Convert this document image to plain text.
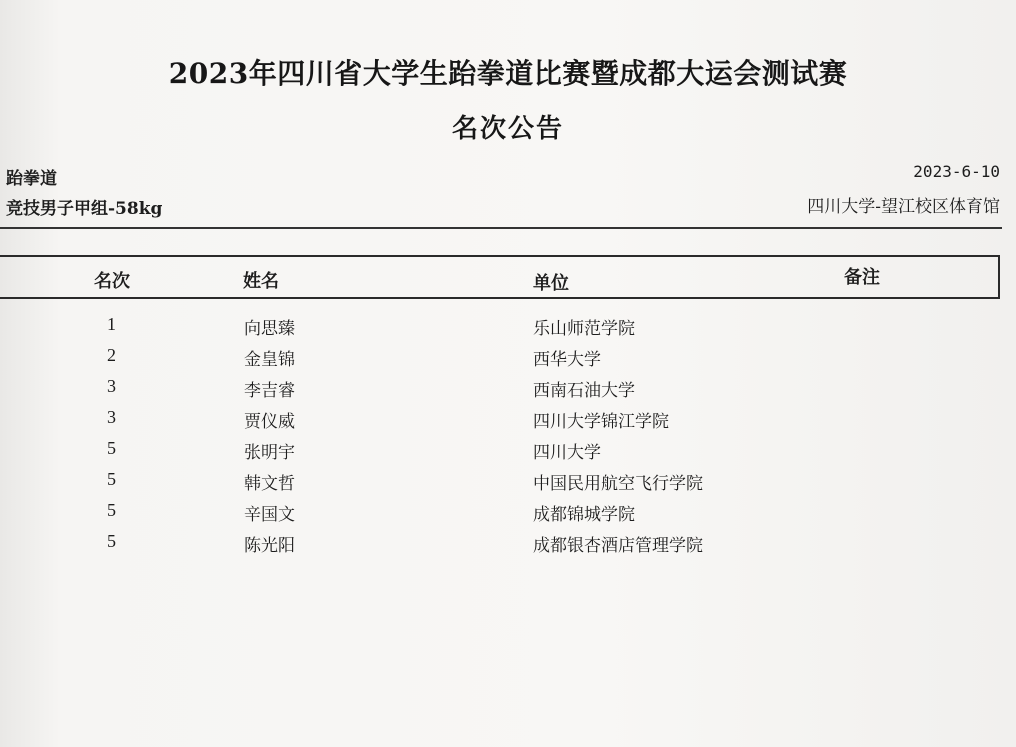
2023年四川省大学生跆拳道比赛暨成都大运会测试赛
名次公告
跆拳道
竞技男子甲组-58kg
2023-6-10
四川大学-望江校区体育馆
名次	姓名	单位	备注
1	向思臻	乐山师范学院
2	金皇锦	西华大学
3	李吉睿	西南石油大学
3	贾仪威	四川大学锦江学院
5	张明宇	四川大学
5	韩文哲	中国民用航空飞行学院
5	辛国文	成都锦城学院
5	陈光阳	成都银杏酒店管理学院
